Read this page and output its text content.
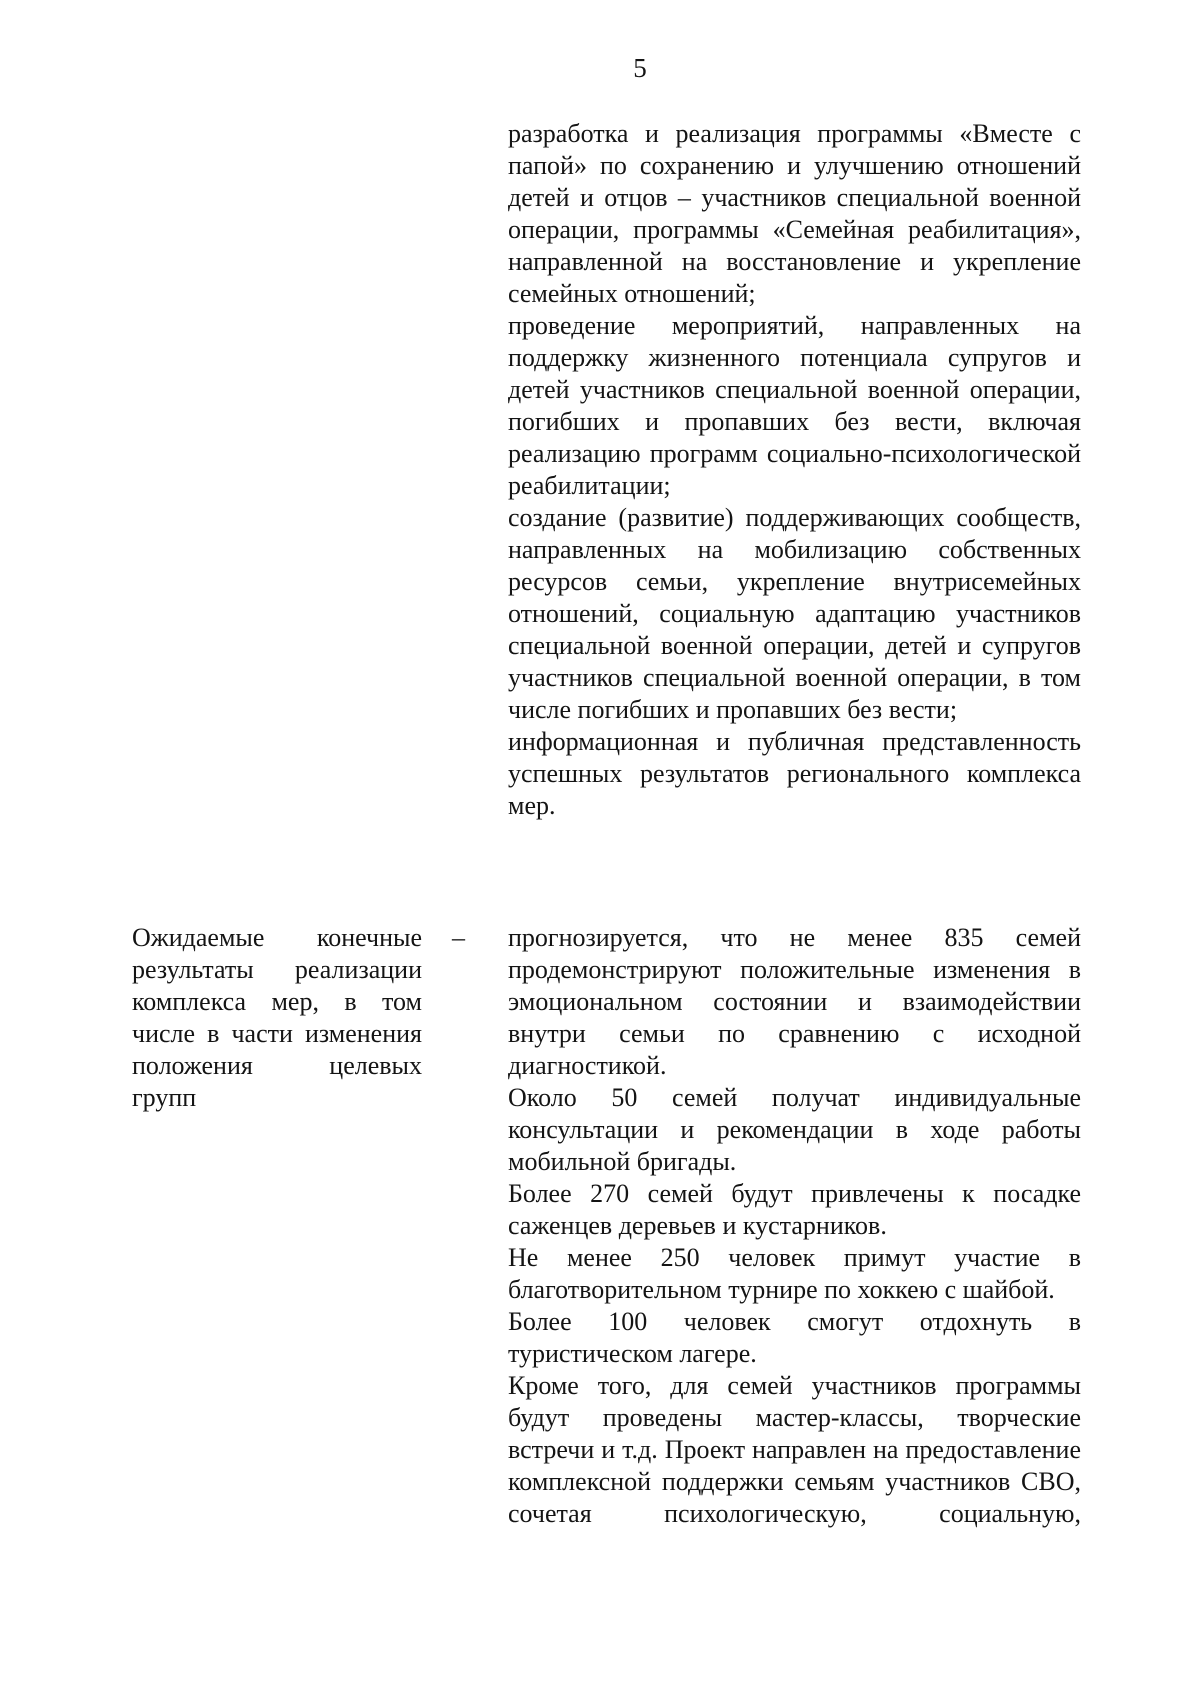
5

разработка и реализация программы «Вместе с папой» по сохранению и улучшению отношений детей и отцов – участников специальной военной операции, программы «Семейная реабилитация», направленной на восстановление и укрепление семейных отношений;

проведение мероприятий, направленных на поддержку жизненного потенциала супругов и детей участников специальной военной операции, погибших и пропавших без вести, включая реализацию программ социально-психологической реабилитации;

создание (развитие) поддерживающих сообществ, направленных на мобилизацию собственных ресурсов семьи, укрепление внутрисемейных отношений, социальную адаптацию участников специальной военной операции, детей и супругов участников специальной военной операции, в том числе погибших и пропавших без вести;

информационная и публичная представленность успешных результатов регионального комплекса мер.

Ожидаемые конечные результаты реализации комплекса мер, в том числе в части изменения положения целевых групп
– прогнозируется, что не менее 835 семей продемонстрируют положительные изменения в эмоциональном состоянии и взаимодействии внутри семьи по сравнению с исходной диагностикой.

Около 50 семей получат индивидуальные консультации и рекомендации в ходе работы мобильной бригады.

Более 270 семей будут привлечены к посадке саженцев деревьев и кустарников.

Не менее 250 человек примут участие в благотворительном турнире по хоккею с шайбой.

Более 100 человек смогут отдохнуть в туристическом лагере.

Кроме того, для семей участников программы будут проведены мастер-классы, творческие встречи и т.д. Проект направлен на предоставление комплексной поддержки семьям участников СВО, сочетая психологическую, социальную,
